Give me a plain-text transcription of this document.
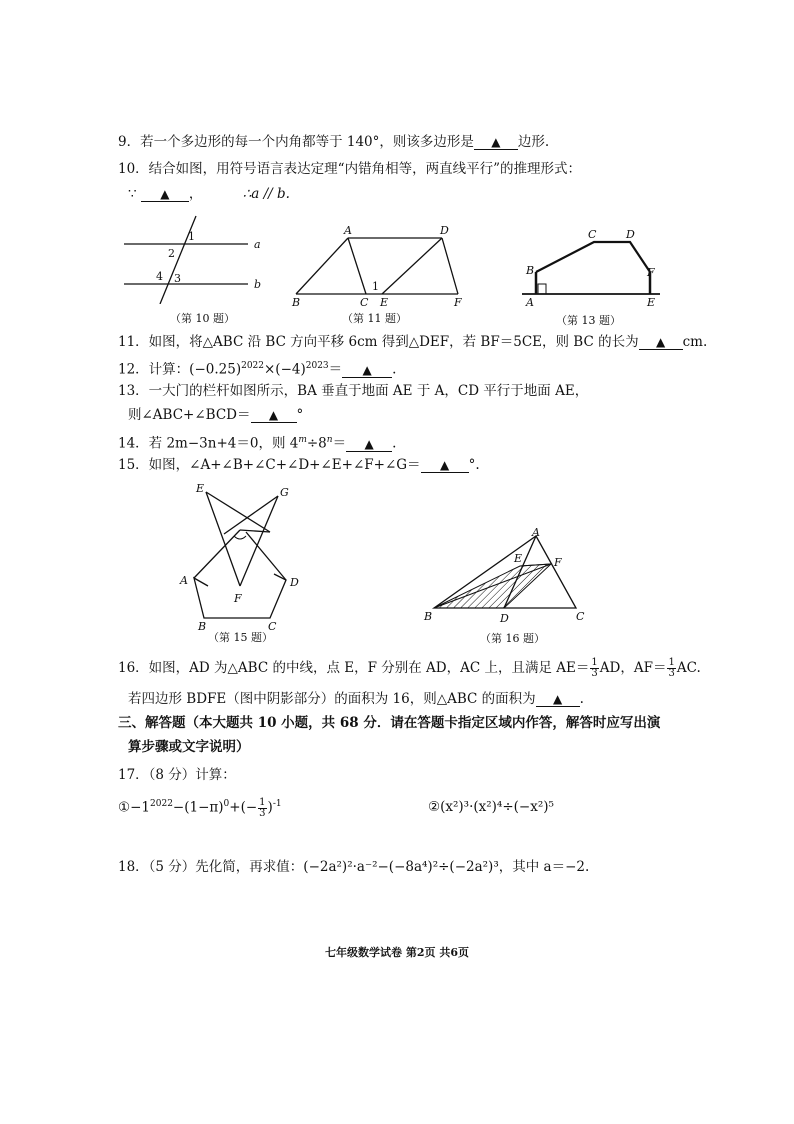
9．若一个多边形的每一个内角都等于 140°，则该多边形是 ▲ 边形.
10．结合如图，用符号语言表达定理“内错角相等，两直线平行”的推理形式：
∵ ▲ ，	∴a // b.
a
b
1
2
3
4
（第 10 题）
A	D
B	C
1
E	F
（第 11 题）
A
B
C	D
F
E
（第 13 题）
11．如图，将△ABC 沿 BC 方向平移 6cm 得到△DEF，若 BF＝5CE，则 BC 的长为 ▲ cm.
12．计算：$(-0.25)^{2022}\times(-4)^{2023}=$ ▲ .
13．一大门的栏杆如图所示，BA 垂直于地面 AE 于 A，CD 平行于地面 AE，
则∠ABC+∠BCD＝ ▲ °
14．若 2m−3n+4＝0，则 $4^m\div 8^n=$ ▲ .
15．如图，∠A+∠B+∠C+∠D+∠E+∠F+∠G＝ ▲ °.
E	G
A	D
F
B	C
（第 15 题）
A
E	F
B	D	C
（第 16 题）
16．如图，AD 为△ABC 的中线，点 E，F 分别在 AD，AC 上，且满足 $AE= \frac{1}{3}$ AD，$AF= \frac{1}{3}$ AC.
若四边形 BDFE（图中阴影部分）的面积为 16，则△ABC 的面积为 ▲ .
三、解答题（本大题共 10 小题，共 68 分．请在答题卡指定区域内作答，解答时应写出演
算步骤或文字说明）
17．（8 分）计算：
$①-1^{2022}-(1-\pi)^0+(- \frac{1}{3} )^{-1}$	②(x²)³·(x²)⁴÷(−x²)⁵
18．（5 分）先化简，再求值：(−2a²)²·a⁻²−(−8a⁴)²÷(−2a²)³，其中 a＝−2.
七年级数学试卷 第2页 共6页
